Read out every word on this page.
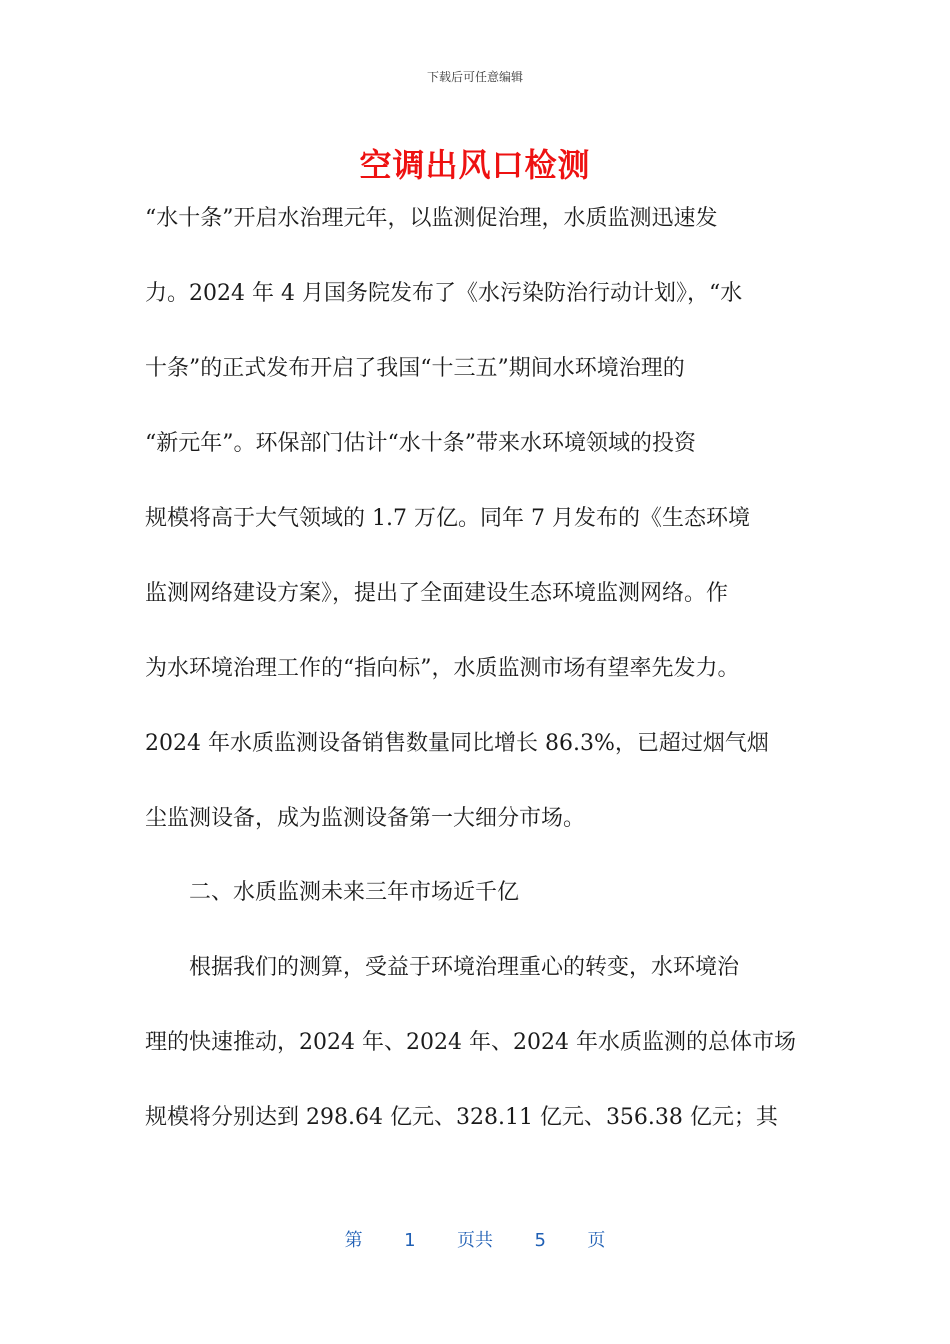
下载后可任意编辑
空调出风口检测
“水十条”开启水治理元年，以监测促治理，水质监测迅速发
力。2024 年 4 月国务院发布了《水污染防治行动计划》，“水
十条”的正式发布开启了我国“十三五”期间水环境治理的
“新元年”。环保部门估计“水十条”带来水环境领域的投资
规模将高于大气领域的 1.7 万亿。同年 7 月发布的《生态环境
监测网络建设方案》，提出了全面建设生态环境监测网络。作
为水环境治理工作的“指向标”，水质监测市场有望率先发力。
2024 年水质监测设备销售数量同比增长 86.3%，已超过烟气烟
尘监测设备，成为监测设备第一大细分市场。
　　二、水质监测未来三年市场近千亿
　　根据我们的测算，受益于环境治理重心的转变，水环境治
理的快速推动，2024 年、2024 年、2024 年水质监测的总体市场
规模将分别达到 298.64 亿元、328.11 亿元、356.38 亿元；其
第 1 页共 5 页
